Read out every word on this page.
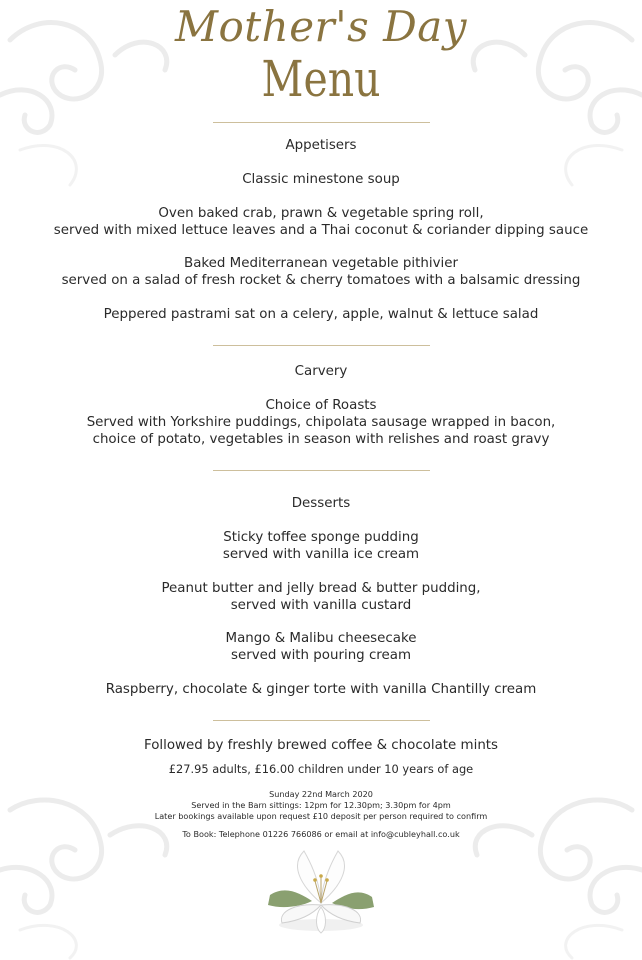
Mother's Day
Menu
Appetisers
Classic minestone soup
Oven baked crab, prawn & vegetable spring roll,
served with mixed lettuce leaves and a Thai coconut & coriander dipping sauce
Baked Mediterranean vegetable pithivier
served on a salad of fresh rocket & cherry tomatoes with a balsamic dressing
Peppered pastrami sat on a celery, apple, walnut & lettuce salad
Carvery
Choice of Roasts
Served with Yorkshire puddings, chipolata sausage wrapped in bacon,
choice of potato, vegetables in season with relishes and roast gravy
Desserts
Sticky toffee sponge pudding
served with vanilla ice cream
Peanut butter and jelly bread & butter pudding,
served with vanilla custard
Mango & Malibu cheesecake
served with pouring cream
Raspberry, chocolate & ginger torte with vanilla Chantilly cream
Followed by freshly brewed coffee & chocolate mints
£27.95 adults, £16.00 children under 10 years of age
Sunday 22nd March 2020
Served in the Barn sittings: 12pm for 12.30pm; 3.30pm for 4pm
Later bookings available upon request £10 deposit per person required to confirm
To Book: Telephone 01226 766086 or email at info@cubleyhall.co.uk
